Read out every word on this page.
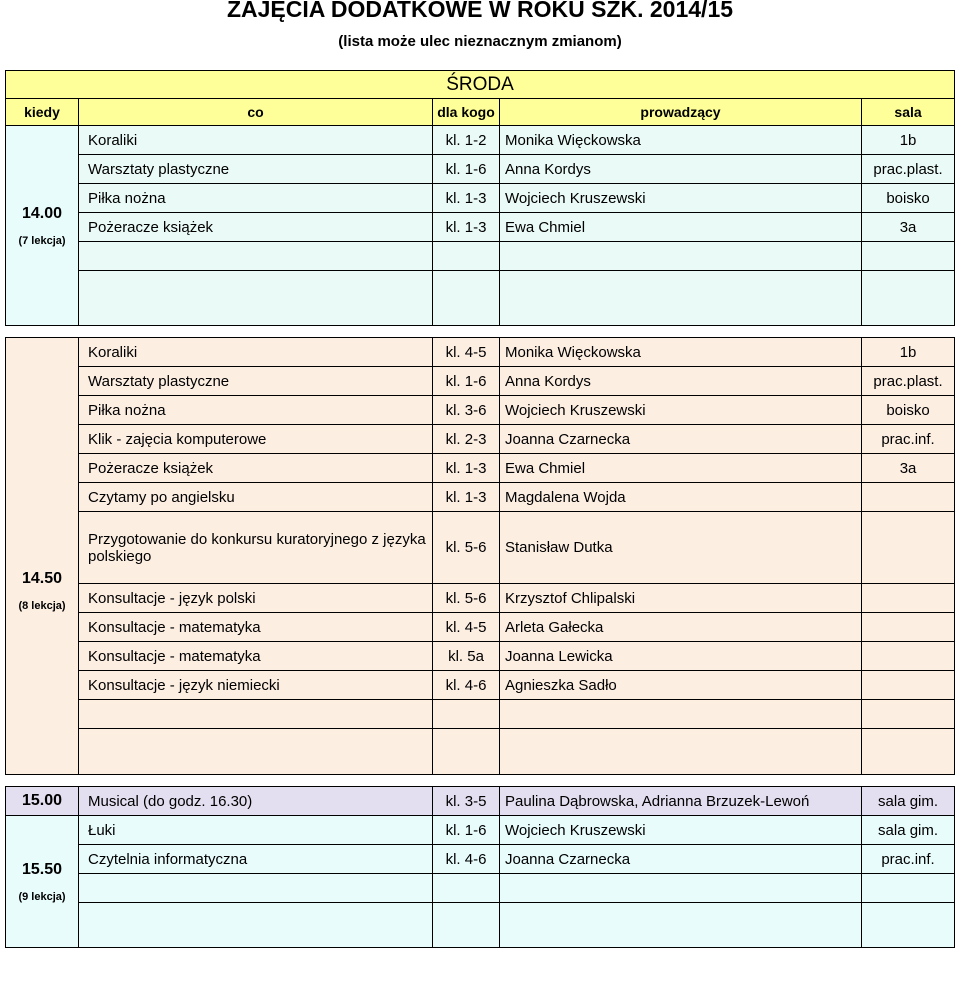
ZAJĘCIA DODATKOWE W ROKU SZK. 2014/15
(lista może ulec nieznacznym zmianom)
ŚRODA				
kiedy	co	dla kogo	prowadzący	sala

14.00
(7 lekcja)	Koraliki	kl. 1-2	Monika Więckowska	1b
	Warsztaty plastyczne	kl. 1-6	Anna Kordys	prac.plast.
	Piłka nożna	kl. 1-3	Wojciech Kruszewski	boisko
	Pożeracze książek	kl. 1-3	Ewa Chmiel	3a

14.50
(8 lekcja)	Koraliki	kl. 4-5	Monika Więckowska	1b
	Warsztaty plastyczne	kl. 1-6	Anna Kordys	prac.plast.
	Piłka nożna	kl. 3-6	Wojciech Kruszewski	boisko
	Klik - zajęcia komputerowe	kl. 2-3	Joanna Czarnecka	prac.inf.
	Pożeracze książek	kl. 1-3	Ewa Chmiel	3a
	Czytamy po angielsku	kl. 1-3	Magdalena Wojda	
	Przygotowanie do konkursu kuratoryjnego z języka polskiego	kl. 5-6	Stanisław Dutka	
	Konsultacje - język polski	kl. 5-6	Krzysztof Chlipalski	
	Konsultacje - matematyka	kl. 4-5	Arleta Gałecka	
	Konsultacje - matematyka	kl. 5a	Joanna Lewicka	
	Konsultacje - język niemiecki	kl. 4-6	Agnieszka Sadło	

15.00	Musical (do godz. 16.30)	kl. 3-5	Paulina Dąbrowska, Adrianna Brzuzek-Lewoń	sala gim.

15.50
(9 lekcja)	Łuki	kl. 1-6	Wojciech Kruszewski	sala gim.
	Czytelnia informatyczna	kl. 4-6	Joanna Czarnecka	prac.inf.
